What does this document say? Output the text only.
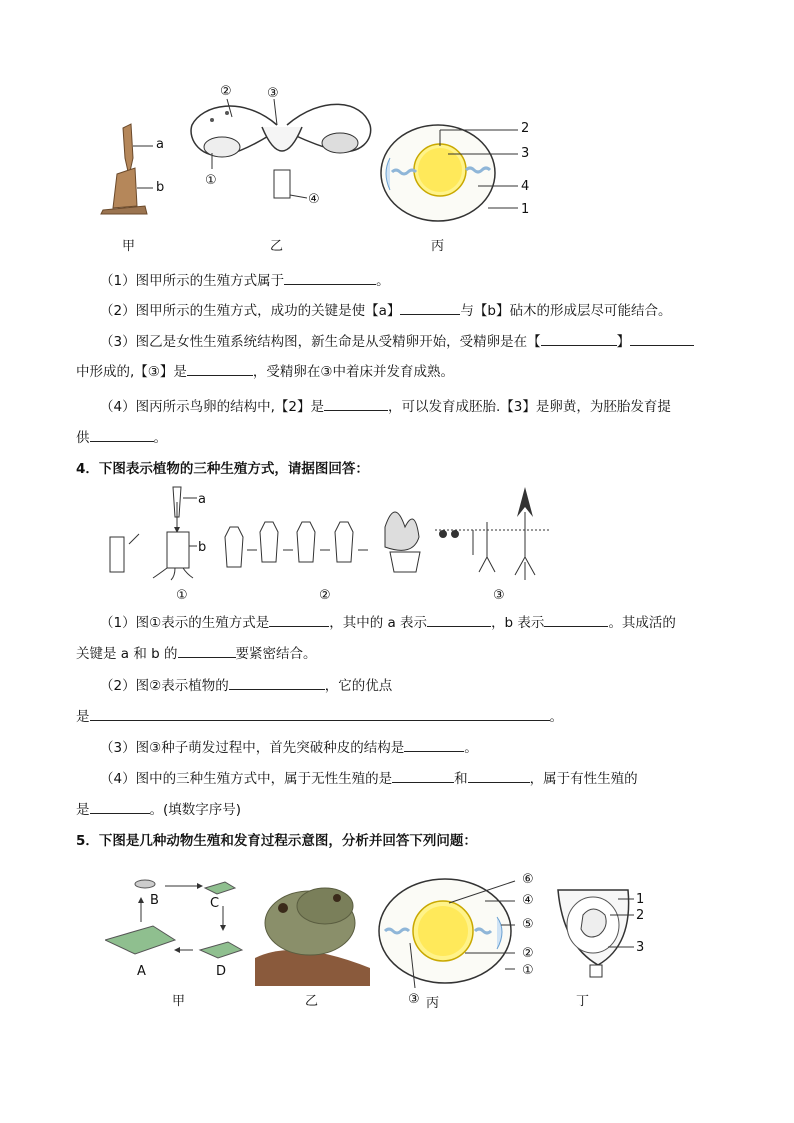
a
b
②	③
①
④
2
3
4
1
甲	乙	丙
（1）图甲所示的生殖方式属于	。
（2）图甲所示的生殖方式，成功的关键是使【a】	与【b】砧木的形成层尽可能结合。
（3）图乙是女性生殖系统结构图，新生命是从受精卵开始，受精卵是在【	】
中形成的,【③】是	，受精卵在③中着床并发育成熟。
（4）图丙所示鸟卵的结构中,【2】是	，可以发育成胚胎.【3】是卵黄，为胚胎发育提
供	。
4．下图表示植物的三种生殖方式，请据图回答：
a
b
①	②	③
（1）图①表示的生殖方式是	，其中的 a 表示	，b 表示	。其成活的
关键是 a 和 b 的	要紧密结合。
（2）图②表示植物的	，它的优点
是	。
（3）图③种子萌发过程中，首先突破种皮的结构是	。
（4）图中的三种生殖方式中，属于无性生殖的是	和	，属于有性生殖的
是	。(填数字序号)
5．下图是几种动物生殖和发育过程示意图，分析并回答下列问题：
B	C
A	D
⑥
④
⑤
②
①
③
1
2
3
甲	乙	丙	丁
